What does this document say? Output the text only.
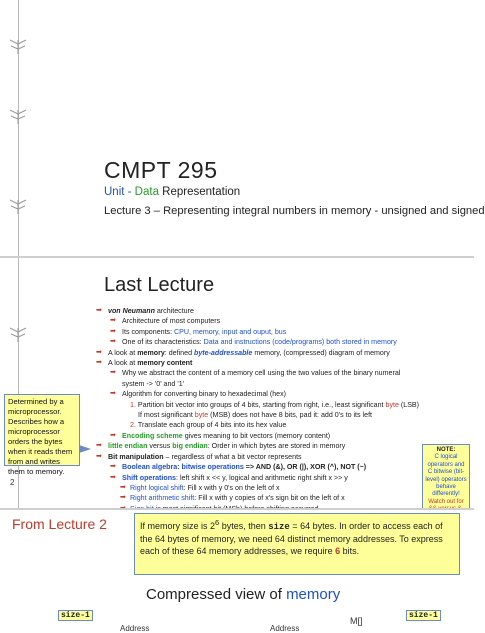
CMPT 295
Unit - Data Representation
Lecture 3 – Representing integral numbers in memory - unsigned and signed
Last Lecture
➡ von Neumann architecture
➡ Architecture of most computers
➡ Its components: CPU, memory, input and ouput, bus
➡ One of its characteristics: Data and instructions (code/programs) both stored in memory
➡ A look at memory: defined byte-addressable memory, (compressed) diagram of memory
➡ A look at memory content
➡ Why we abstract the content of a memory cell using the two values of the binary numeral
system -> '0' and '1'
➡ Algorithm for converting binary to hexadecimal (hex)
1. Partition bit vector into groups of 4 bits, starting from right, i.e., least significant byte (LSB)
If most significant byte (MSB) does not have 8 bits, pad it: add 0's to its left
2. Translate each group of 4 bits into its hex value
➡ Encoding scheme gives meaning to bit vectors (memory content)
➡ little endian versus big endian: Order in which bytes are stored in memory
➡ Bit manipulation – regardless of what a bit vector represents
➡ Boolean algebra: bitwise operations => AND (&), OR (|), XOR (^), NOT (~)
➡ Shift operations: left shift x << y, logical and arithmetic right shift x >> y
➡ Right logical shift: Fill x with y 0's on the left of x
➡ Right arithmetic shift: Fill x with y copies of x's sign bit on the left of x
Determined by a microprocessor. Describes how a microprocessor orders the bytes when it reads them from and writes them to memory.
NOTE:
C logical
operators and
C bitwise (bit-
level) operators
behave
differently!
Watch out for
2
From Lecture 2	If memory size is $2^6$ bytes, then size = 64 bytes. In order to access each of the 64 bytes of memory, we need 64 distinct memory addresses. To express each of these 64 memory addresses, we require 6 bits.
Compressed view of memory
size-1	size-1
Address	Address
M[]
